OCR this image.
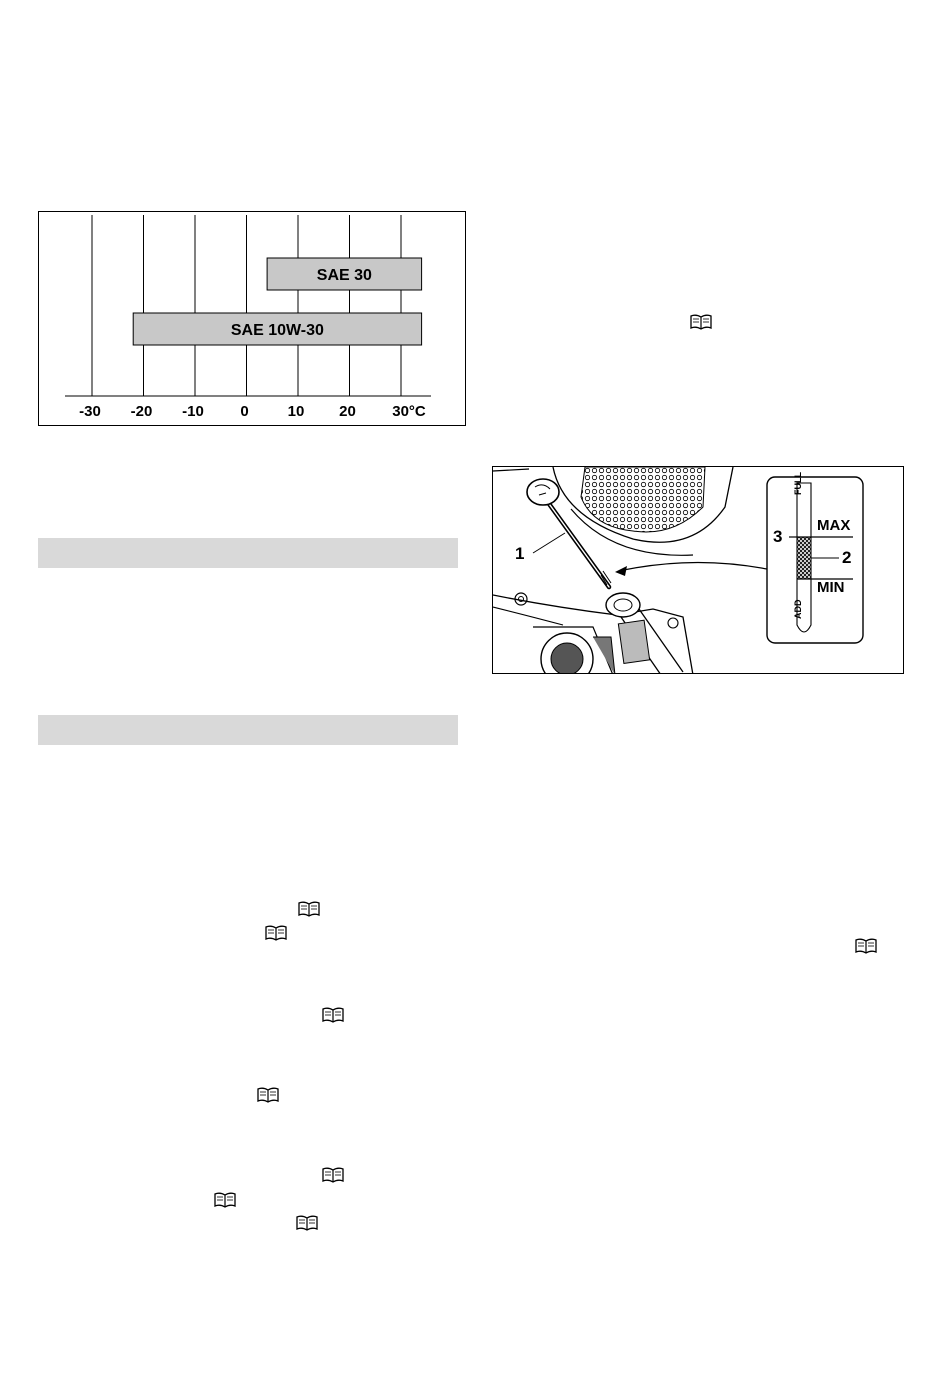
SAE 30
SAE 10W-30
-30 -20 -10 0	10 20 30°C
1	2
3
MAX
MIN
FULL
ADD
